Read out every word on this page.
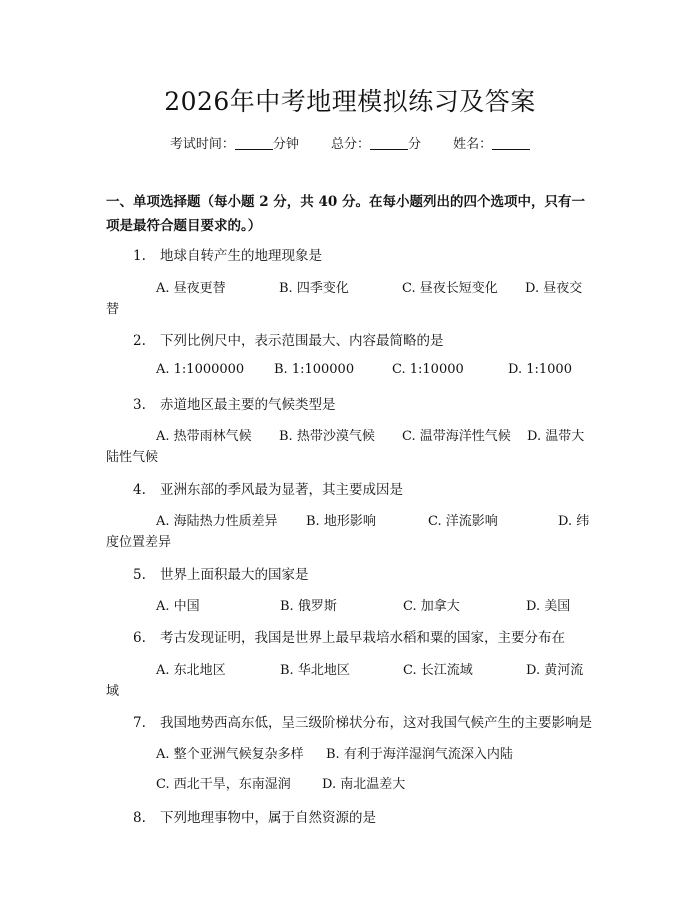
2026年中考地理模拟练习及答案
考试时间：	分钟 总分：	分 姓名：
一、单项选择题（每小题 2 分，共 40 分。在每小题列出的四个选项中，只有一项是最符合题目要求的。）
1. 地球自转产生的地理现象是
A. 昼夜更替	B. 四季变化	C. 昼夜长短变化 D. 昼夜交
替
2. 下列比例尺中，表示范围最大、内容最简略的是
A. 1:1000000 B. 1:100000	C. 1:10000	D. 1:1000
3. 赤道地区最主要的气候类型是
A. 热带雨林气候 B. 热带沙漠气候 C. 温带海洋性气候 D. 温带大
陆性气候
4. 亚洲东部的季风最为显著，其主要成因是
A. 海陆热力性质差异 B. 地形影响	C. 洋流影响	D. 纬
度位置差异
5. 世界上面积最大的国家是
A. 中国	B. 俄罗斯	C. 加拿大	D. 美国
6. 考古发现证明，我国是世界上最早栽培水稻和粟的国家，主要分布在
A. 东北地区	B. 华北地区	C. 长江流域	D. 黄河流
域
7. 我国地势西高东低，呈三级阶梯状分布，这对我国气候产生的主要影响是
A. 整个亚洲气候复杂多样 B. 有利于海洋湿润气流深入内陆
C. 西北干旱，东南湿润 D. 南北温差大
8. 下列地理事物中，属于自然资源的是
